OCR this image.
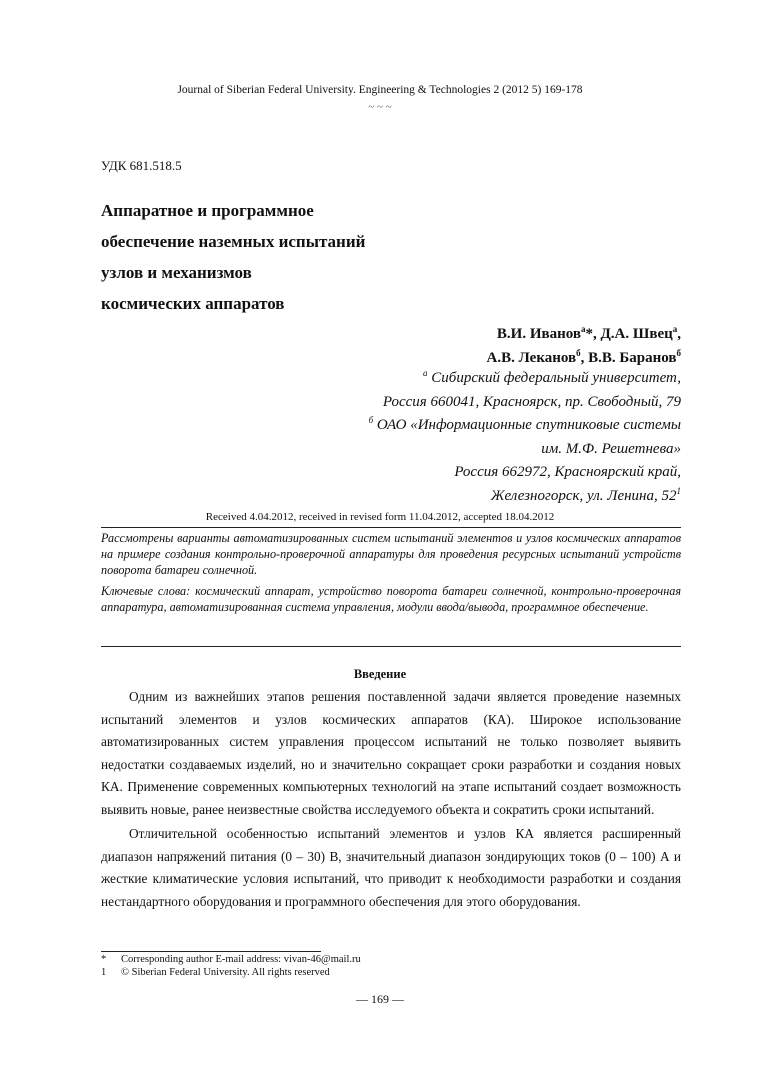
Journal of Siberian Federal University. Engineering & Technologies 2 (2012 5) 169-178
~ ~ ~
УДК 681.518.5
Аппаратное и программное
обеспечение наземных испытаний
узлов и механизмов
космических аппаратов
В.И. Иванов$^а$*, Д.А. Швец$^а$,
А.В. Леканов$^б$, В.В. Баранов$^б$
$^а$ Сибирский федеральный университет,
Россия 660041, Красноярск, пр. Свободный, 79
$^б$ ОАО «Информационные спутниковые системы
им. М.Ф. Решетнева»
Россия 662972, Красноярский край,
Железногорск, ул. Ленина, $52^1$
Received 4.04.2012, received in revised form 11.04.2012, accepted 18.04.2012

Рассмотрены варианты автоматизированных систем испытаний элементов и узлов космических аппаратов на примере создания контрольно-проверочной аппаратуры для проведения ресурсных испытаний устройств поворота батареи солнечной.

Ключевые слова: космический аппарат, устройство поворота батареи солнечной, контрольно-проверочная аппаратура, автоматизированная система управления, модули ввода/вывода, программное обеспечение.

Введение

Одним из важнейших этапов решения поставленной задачи является проведение наземных испытаний элементов и узлов космических аппаратов (КА). Широкое использование автоматизированных систем управления процессом испытаний не только позволяет выявить недостатки создаваемых изделий, но и значительно сокращает сроки разработки и создания новых КА. Применение современных компьютерных технологий на этапе испытаний создает возможность выявить новые, ранее неизвестные свойства исследуемого объекта и сократить сроки испытаний.

Отличительной особенностью испытаний элементов и узлов КА является расширенный диапазон напряжений питания (0 – 30) В, значительный диапазон зондирующих токов (0 – 100) А и жесткие климатические условия испытаний, что приводит к необходимости разработки и создания нестандартного оборудования и программного обеспечения для этого оборудования.

*	Corresponding author E-mail address: vivan-46@mail.ru
1	© Siberian Federal University. All rights reserved
— 169 —
